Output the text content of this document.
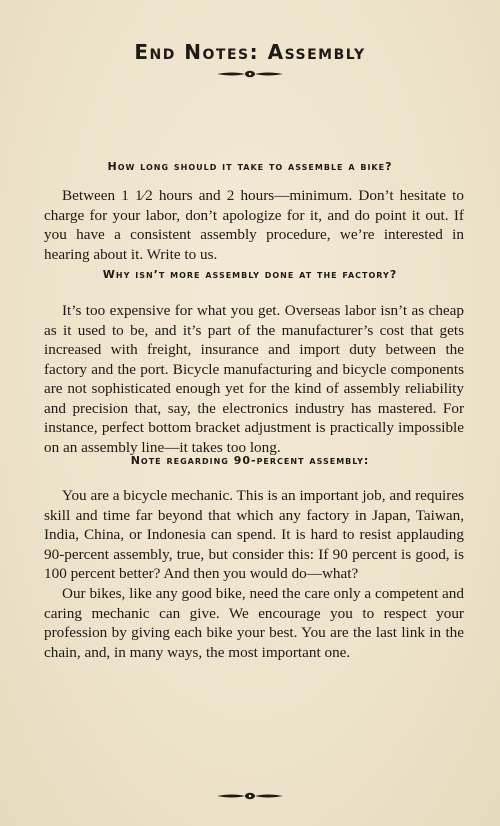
End Notes: Assembly
How long should it take to assemble a bike?
Between 1 1⁄2 hours and 2 hours—minimum. Don’t hesitate to charge for your labor, don’t apologize for it, and do point it out. If you have a consistent assembly procedure, we’re interested in hearing about it. Write to us.
Why isn’t more assembly done at the factory?
It’s too expensive for what you get. Overseas labor isn’t as cheap as it used to be, and it’s part of the manufacturer’s cost that gets increased with freight, insurance and import duty between the factory and the port. Bicycle manufacturing and bicycle components are not sophisticated enough yet for the kind of assembly reliability and precision that, say, the electronics industry has mastered. For instance, perfect bottom bracket adjustment is practically impossible on an assembly line—it takes too long.
Note regarding 90-percent assembly:
You are a bicycle mechanic. This is an important job, and requires skill and time far beyond that which any factory in Japan, Taiwan, India, China, or Indonesia can spend. It is hard to resist applauding 90-percent assembly, true, but consider this: If 90 percent is good, is 100 percent better? And then you would do—what?
Our bikes, like any good bike, need the care only a competent and caring mechanic can give. We encourage you to respect your profession by giving each bike your best. You are the last link in the chain, and, in many ways, the most important one.
